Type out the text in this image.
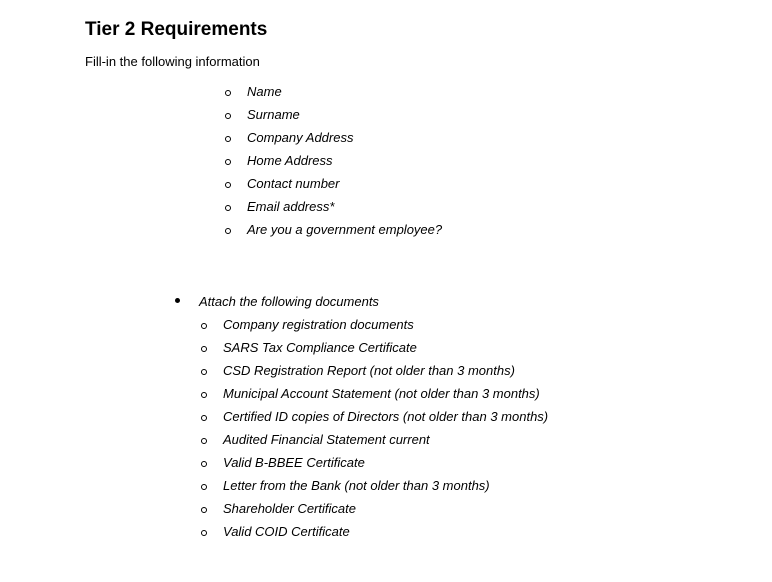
Tier 2 Requirements
Fill-in the following information
Name
Surname
Company Address
Home Address
Contact number
Email address*
Are you a government employee?
Attach the following documents
Company registration documents
SARS Tax Compliance Certificate
CSD Registration Report (not older than 3 months)
Municipal Account Statement (not older than 3 months)
Certified ID copies of Directors (not older than 3 months)
Audited Financial Statement current
Valid B-BBEE Certificate
Letter from the Bank (not older than 3 months)
Shareholder Certificate
Valid COID Certificate
